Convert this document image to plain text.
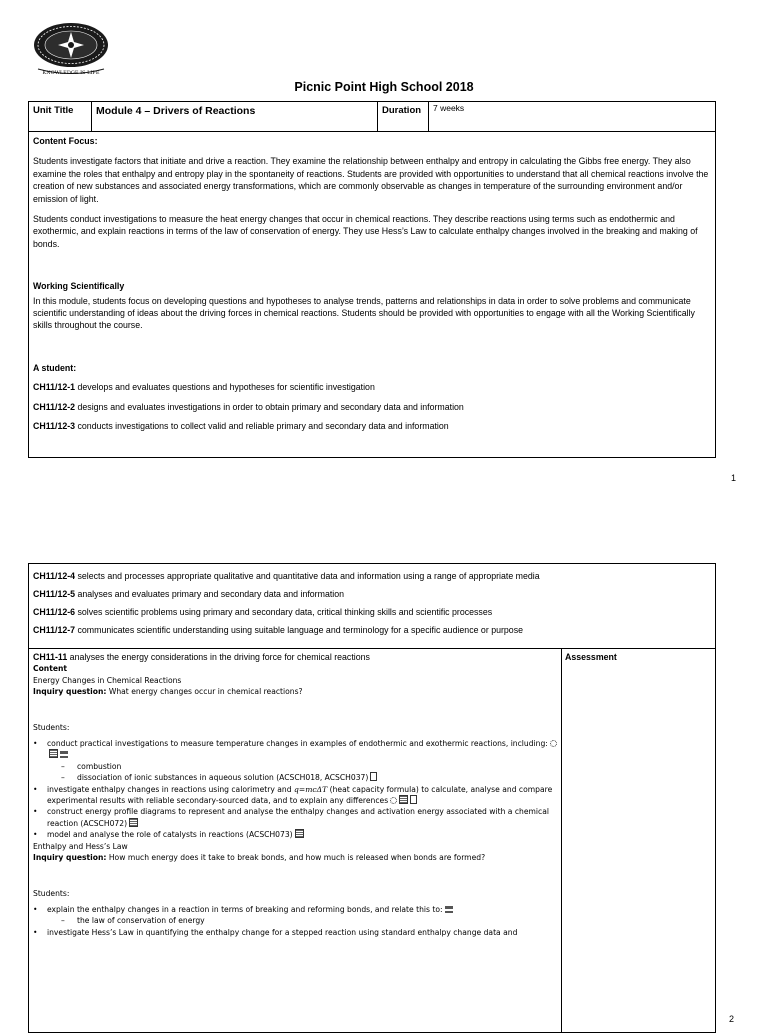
KNOWLEDGE IS LIFE
Picnic Point High School 2018
Unit Title	Module 4 – Drivers of Reactions	Duration	7 weeks

Content Focus:

Students investigate factors that initiate and drive a reaction. They examine the relationship between enthalpy and entropy in calculating the Gibbs free energy. They also examine the roles that enthalpy and entropy play in the spontaneity of reactions. Students are provided with opportunities to understand that all chemical reactions involve the creation of new substances and associated energy transformations, which are commonly observable as changes in temperature of the surrounding environment and/or emission of light.

Students conduct investigations to measure the heat energy changes that occur in chemical reactions. They describe reactions using terms such as endothermic and exothermic, and explain reactions in terms of the law of conservation of energy. They use Hess’s Law to calculate enthalpy changes involved in the breaking and making of bonds.

Working Scientifically

In this module, students focus on developing questions and hypotheses to analyse trends, patterns and relationships in data in order to solve problems and communicate scientific understanding of ideas about the driving forces in chemical reactions. Students should be provided with opportunities to engage with all the Working Scientifically skills throughout the course.

A student:

CH11/12-1 develops and evaluates questions and hypotheses for scientific investigation

CH11/12-2 designs and evaluates investigations in order to obtain primary and secondary data and information

CH11/12-3 conducts investigations to collect valid and reliable primary and secondary data and information

1

CH11/12-4 selects and processes appropriate qualitative and quantitative data and information using a range of appropriate media

CH11/12-5 analyses and evaluates primary and secondary data and information

CH11/12-6 solves scientific problems using primary and secondary data, critical thinking skills and scientific processes

CH11/12-7 communicates scientific understanding using suitable language and terminology for a specific audience or purpose

Assessment

CH11-11 analyses the energy considerations in the driving force for chemical reactions

Content

Energy Changes in Chemical Reactions

Inquiry question: What energy changes occur in chemical reactions?

Students:

• conduct practical investigations to measure temperature changes in examples of endothermic and exothermic reactions, including:
– combustion
– dissociation of ionic substances in aqueous solution (ACSCH018, ACSCH037)
• investigate enthalpy changes in reactions using calorimetry and q=mcΔT (heat capacity formula) to calculate, analyse and compare experimental results with reliable secondary-sourced data, and to explain any differences
• construct energy profile diagrams to represent and analyse the enthalpy changes and activation energy associated with a chemical reaction (ACSCH072)
• model and analyse the role of catalysts in reactions (ACSCH073)

Enthalpy and Hess’s Law

Inquiry question: How much energy does it take to break bonds, and how much is released when bonds are formed?

Students:

• explain the enthalpy changes in a reaction in terms of breaking and reforming bonds, and relate this to:
– the law of conservation of energy
• investigate Hess’s Law in quantifying the enthalpy change for a stepped reaction using standard enthalpy change data and
2
